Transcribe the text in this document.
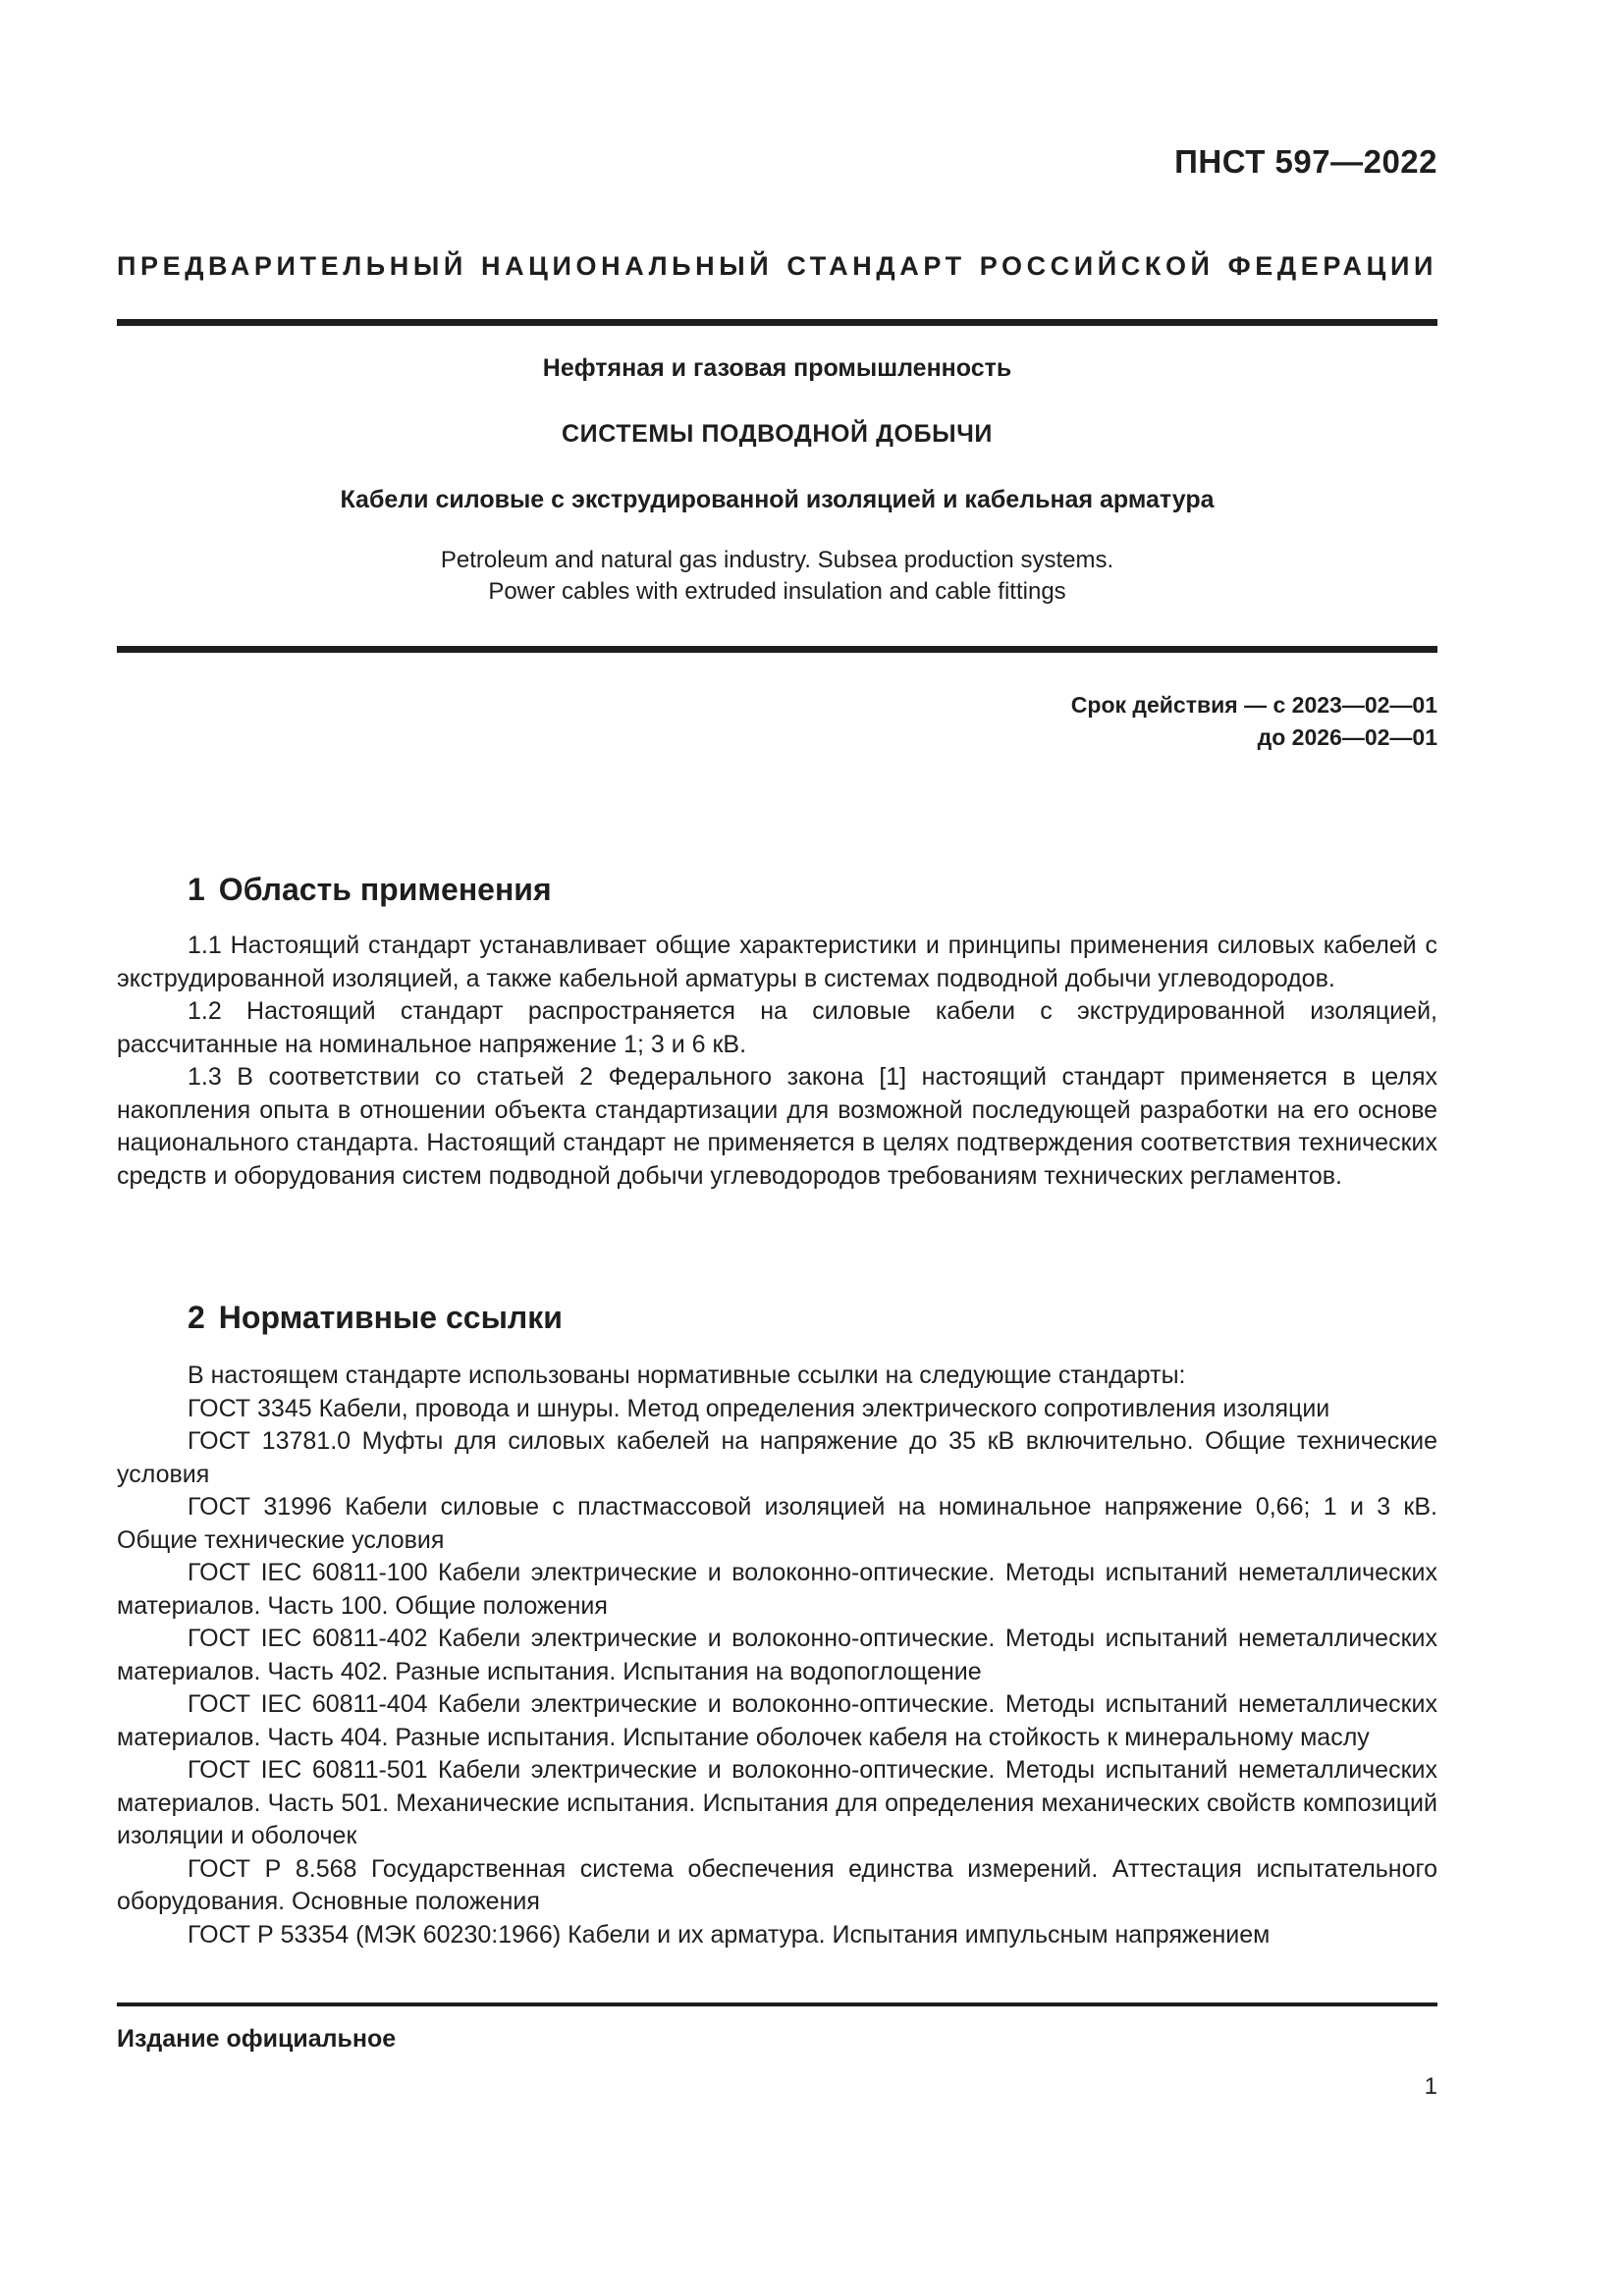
ПНСТ 597—2022
ПРЕДВАРИТЕЛЬНЫЙ НАЦИОНАЛЬНЫЙ СТАНДАРТ РОССИЙСКОЙ ФЕДЕРАЦИИ
Нефтяная и газовая промышленность
СИСТЕМЫ ПОДВОДНОЙ ДОБЫЧИ
Кабели силовые с экструдированной изоляцией и кабельная арматура
Petroleum and natural gas industry. Subsea production systems.
Power cables with extruded insulation and cable fittings
Срок действия — с 2023—02—01
до 2026—02—01
1 Область применения

1.1 Настоящий стандарт устанавливает общие характеристики и принципы применения силовых кабелей с экструдированной изоляцией, а также кабельной арматуры в системах подводной добычи углеводородов.

1.2 Настоящий стандарт распространяется на силовые кабели с экструдированной изоляцией, рассчитанные на номинальное напряжение 1; 3 и 6 кВ.

1.3 В соответствии со статьей 2 Федерального закона [1] настоящий стандарт применяется в целях накопления опыта в отношении объекта стандартизации для возможной последующей разработки на его основе национального стандарта. Настоящий стандарт не применяется в целях подтверждения соответствия технических средств и оборудования систем подводной добычи углеводородов требованиям технических регламентов.

2 Нормативные ссылки

В настоящем стандарте использованы нормативные ссылки на следующие стандарты:

ГОСТ 3345 Кабели, провода и шнуры. Метод определения электрического сопротивления изоляции

ГОСТ 13781.0 Муфты для силовых кабелей на напряжение до 35 кВ включительно. Общие технические условия

ГОСТ 31996 Кабели силовые с пластмассовой изоляцией на номинальное напряжение 0,66; 1 и 3 кВ. Общие технические условия

ГОСТ IEC 60811-100 Кабели электрические и волоконно-оптические. Методы испытаний неметаллических материалов. Часть 100. Общие положения

ГОСТ IEC 60811-402 Кабели электрические и волоконно-оптические. Методы испытаний неметаллических материалов. Часть 402. Разные испытания. Испытания на водопоглощение

ГОСТ IEC 60811-404 Кабели электрические и волоконно-оптические. Методы испытаний неметаллических материалов. Часть 404. Разные испытания. Испытание оболочек кабеля на стойкость к минеральному маслу

ГОСТ IEC 60811-501 Кабели электрические и волоконно-оптические. Методы испытаний неметаллических материалов. Часть 501. Механические испытания. Испытания для определения механических свойств композиций изоляции и оболочек

ГОСТ Р 8.568 Государственная система обеспечения единства измерений. Аттестация испытательного оборудования. Основные положения

ГОСТ Р 53354 (МЭК 60230:1966) Кабели и их арматура. Испытания импульсным напряжением

Издание официальное
1
